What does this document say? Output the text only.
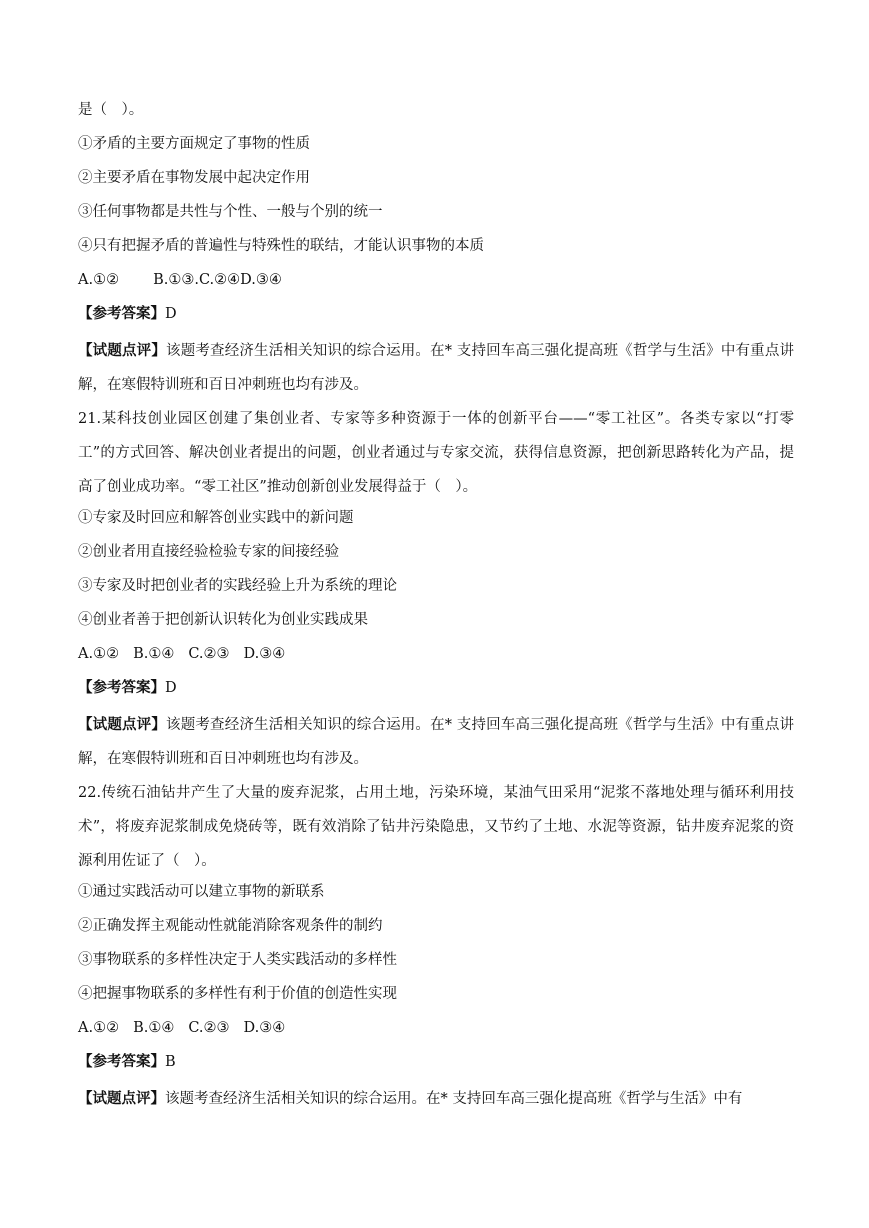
是（　）。
①矛盾的主要方面规定了事物的性质
②主要矛盾在事物发展中起决定作用
③任何事物都是共性与个性、一般与个别的统一
④只有把握矛盾的普遍性与特殊性的联结，才能认识事物的本质
A.①② B.①③.C.②④D.③④
【参考答案】D
【试题点评】该题考查经济生活相关知识的综合运用。在* 支持回车高三强化提高班《哲学与生活》中有重点讲解，在寒假特训班和百日冲刺班也均有涉及。
21.某科技创业园区创建了集创业者、专家等多种资源于一体的创新平台——“零工社区”。各类专家以“打零工”的方式回答、解决创业者提出的问题，创业者通过与专家交流，获得信息资源，把创新思路转化为产品，提高了创业成功率。“零工社区”推动创新创业发展得益于（　）。
①专家及时回应和解答创业实践中的新问题
②创业者用直接经验检验专家的间接经验
③专家及时把创业者的实践经验上升为系统的理论
④创业者善于把创新认识转化为创业实践成果
A.①② B.①④ C.②③ D.③④
【参考答案】D
【试题点评】该题考查经济生活相关知识的综合运用。在* 支持回车高三强化提高班《哲学与生活》中有重点讲解，在寒假特训班和百日冲刺班也均有涉及。
22.传统石油钻井产生了大量的废弃泥浆，占用土地，污染环境，某油气田采用“泥浆不落地处理与循环利用技术”，将废弃泥浆制成免烧砖等，既有效消除了钻井污染隐患，又节约了土地、水泥等资源，钻井废弃泥浆的资源利用佐证了（　）。
①通过实践活动可以建立事物的新联系
②正确发挥主观能动性就能消除客观条件的制约
③事物联系的多样性决定于人类实践活动的多样性
④把握事物联系的多样性有利于价值的创造性实现
A.①② B.①④ C.②③ D.③④
【参考答案】B
【试题点评】该题考查经济生活相关知识的综合运用。在* 支持回车高三强化提高班《哲学与生活》中有
